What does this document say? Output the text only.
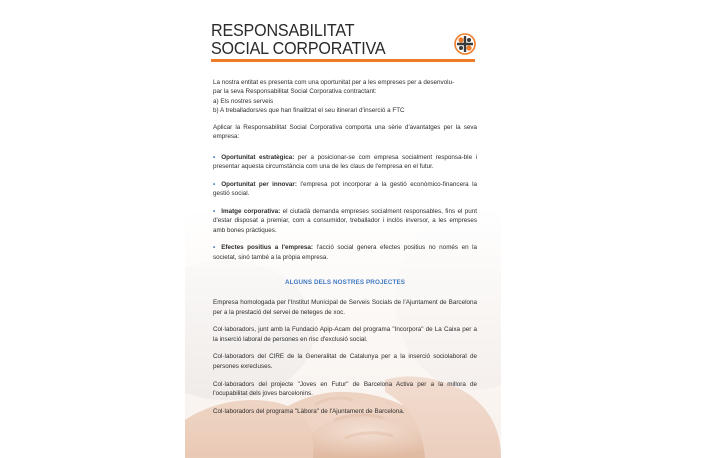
RESPONSABILITAT
SOCIAL CORPORATIVA
La nostra entitat es presenta com una oportunitat per a les empreses per a desenvolu-
par la seva Responsabilitat Social Corporativa contractant:
a) Els nostres serveis
b) A treballadors/es que han finalitzat el seu itinerari d'inserció a FTC
Aplicar la Responsabilitat Social Corporativa comporta una sèrie d'avantatges per la seva empresa:
• Oportunitat estratègica: per a posicionar-se com empresa socialment responsa-ble i presentar aquesta circumstància com una de les claus de l'empresa en el futur.
• Oportunitat per innovar: l'empresa pot incorporar a la gestió econòmico-financera la gestió social.
• Imatge corporativa: el ciutadà demanda empreses socialment responsables, fins el punt d'estar disposat a premiar, com a consumidor, treballador i inclòs inversor, a les empreses amb bones pràctiques.
• Efectes positius a l'empresa: l'acció social genera efectes positius no només en la societat, sinó també a la pròpia empresa.
ALGUNS DELS NOSTRES PROJECTES
Empresa homologada per l'Institut Municipal de Serveis Socials de l'Ajuntament de Barcelona per a la prestació del servei de neteges de xoc.
Col·laboradors, junt amb la Fundació Apip-Acam del programa "Incorpora" de La Caixa per a la inserció laboral de persones en risc d'exclusió social.
Col·laboradors del CIRE de la Generalitat de Catalunya per a la inserció sociolaboral de persones exrecluses.
Col·laboradors del projecte "Joves en Futur" de Barcelona Activa per a la millora de l'ocupabilitat dels joves barcelonins.
Col·laboradors del programa "Làbora" de l'Ajuntament de Barcelona.
